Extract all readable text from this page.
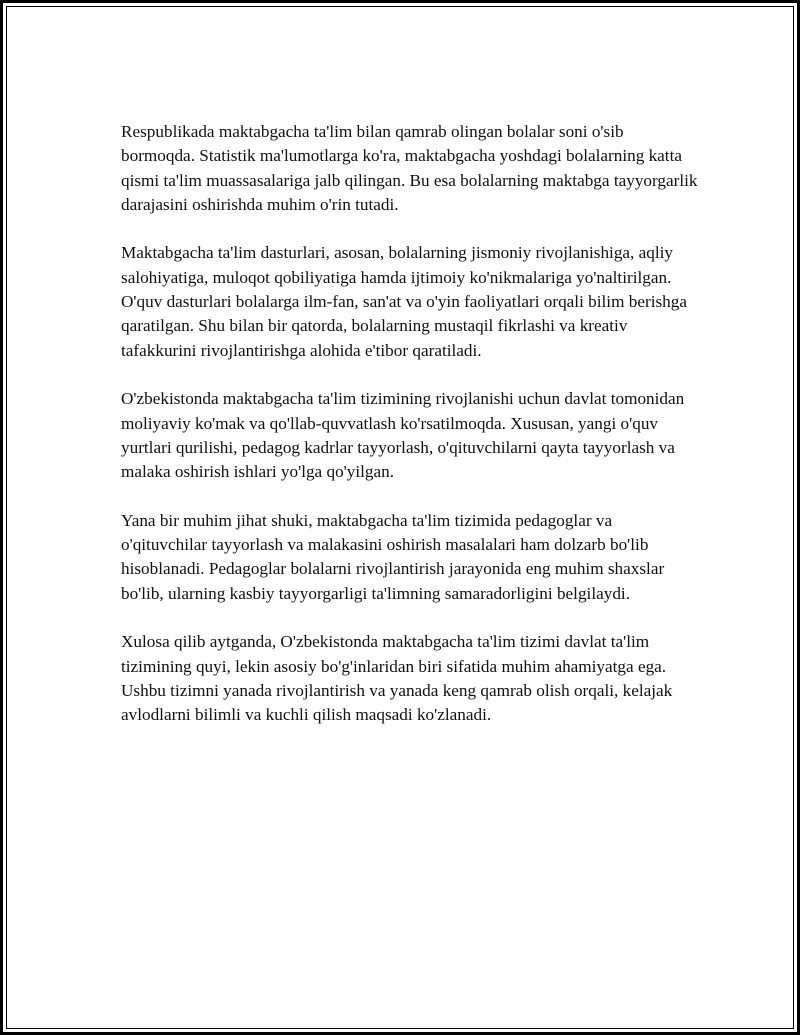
Respublikada maktabgacha ta'lim bilan qamrab olingan bolalar soni o'sib bormoqda. Statistik ma'lumotlarga ko'ra, maktabgacha yoshdagi bolalarning katta qismi ta'lim muassasalariga jalb qilingan. Bu esa bolalarning maktabga tayyorgarlik darajasini oshirishda muhim o'rin tutadi.

Maktabgacha ta'lim dasturlari, asosan, bolalarning jismoniy rivojlanishiga, aqliy salohiyatiga, muloqot qobiliyatiga hamda ijtimoiy ko'nikmalariga yo'naltirilgan. O'quv dasturlari bolalarga ilm-fan, san'at va o'yin faoliyatlari orqali bilim berishga qaratilgan. Shu bilan bir qatorda, bolalarning mustaqil fikrlashi va kreativ tafakkurini rivojlantirishga alohida e'tibor qaratiladi.

O'zbekistonda maktabgacha ta'lim tizimining rivojlanishi uchun davlat tomonidan moliyaviy ko'mak va qo'llab-quvvatlash ko'rsatilmoqda. Xususan, yangi o'quv yurtlari qurilishi, pedagog kadrlar tayyorlash, o'qituvchilarni qayta tayyorlash va malaka oshirish ishlari yo'lga qo'yilgan.

Yana bir muhim jihat shuki, maktabgacha ta'lim tizimida pedagoglar va o'qituvchilar tayyorlash va malakasini oshirish masalalari ham dolzarb bo'lib hisoblanadi. Pedagoglar bolalarni rivojlantirish jarayonida eng muhim shaxslar bo'lib, ularning kasbiy tayyorgarligi ta'limning samaradorligini belgilaydi.

Xulosa qilib aytganda, O'zbekistonda maktabgacha ta'lim tizimi davlat ta'lim tizimining quyi, lekin asosiy bo'g'inlaridan biri sifatida muhim ahamiyatga ega. Ushbu tizimni yanada rivojlantirish va yanada keng qamrab olish orqali, kelajak avlodlarni bilimli va kuchli qilish maqsadi ko'zlanadi.
